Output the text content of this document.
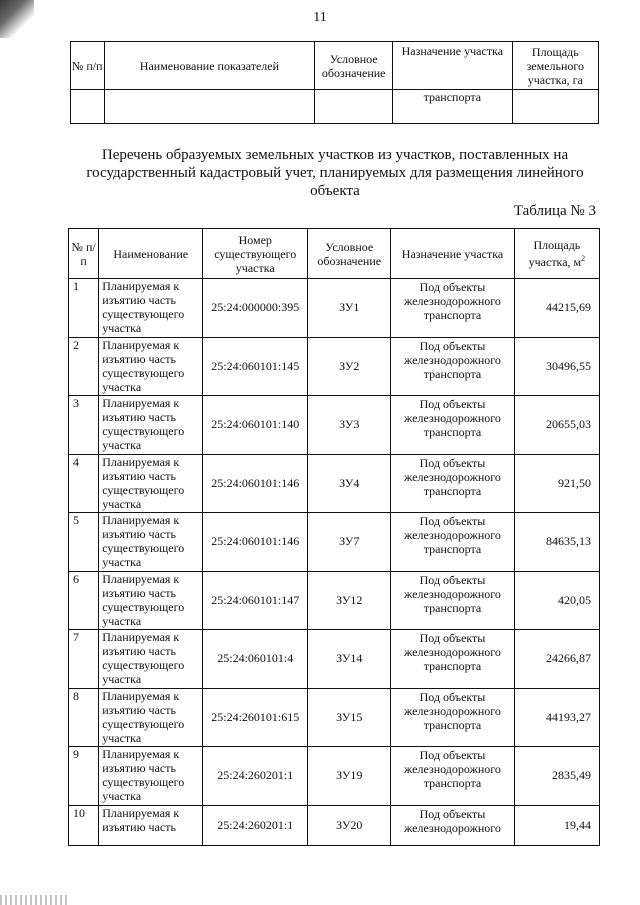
11
№ п/п	Наименование показателей	Условное обозначение	Назначение участка	Площадь земельного участка, га
			транспорта	
Перечень образуемых земельных участков из участков, поставленных на государственный кадастровый учет, планируемых для размещения линейного объекта
Таблица № 3
№ п/п	Наименование	Номер существующего участка	Условное обозначение	Назначение участка	Площадь участка, $м^2$
1	Планируемая к изъятию часть существующего участка	25:24:000000:395	ЗУ1	Под объекты железнодорожного транспорта	44215,69
2	Планируемая к изъятию часть существующего участка	25:24:060101:145	ЗУ2	Под объекты железнодорожного транспорта	30496,55
3	Планируемая к изъятию часть существующего участка	25:24:060101:140	ЗУ3	Под объекты железнодорожного транспорта	20655,03
4	Планируемая к изъятию часть существующего участка	25:24:060101:146	ЗУ4	Под объекты железнодорожного транспорта	921,50
5	Планируемая к изъятию часть существующего участка	25:24:060101:146	ЗУ7	Под объекты железнодорожного транспорта	84635,13
6	Планируемая к изъятию часть существующего участка	25:24:060101:147	ЗУ12	Под объекты железнодорожного транспорта	420,05
7	Планируемая к изъятию часть существующего участка	25:24:060101:4	ЗУ14	Под объекты железнодорожного транспорта	24266,87
8	Планируемая к изъятию часть существующего участка	25:24:260101:615	ЗУ15	Под объекты железнодорожного транспорта	44193,27
9	Планируемая к изъятию часть существующего участка	25:24:260201:1	ЗУ19	Под объекты железнодорожного транспорта	2835,49
10	Планируемая к изъятию часть	25:24:260201:1	ЗУ20	Под объекты железнодорожного	19,44
